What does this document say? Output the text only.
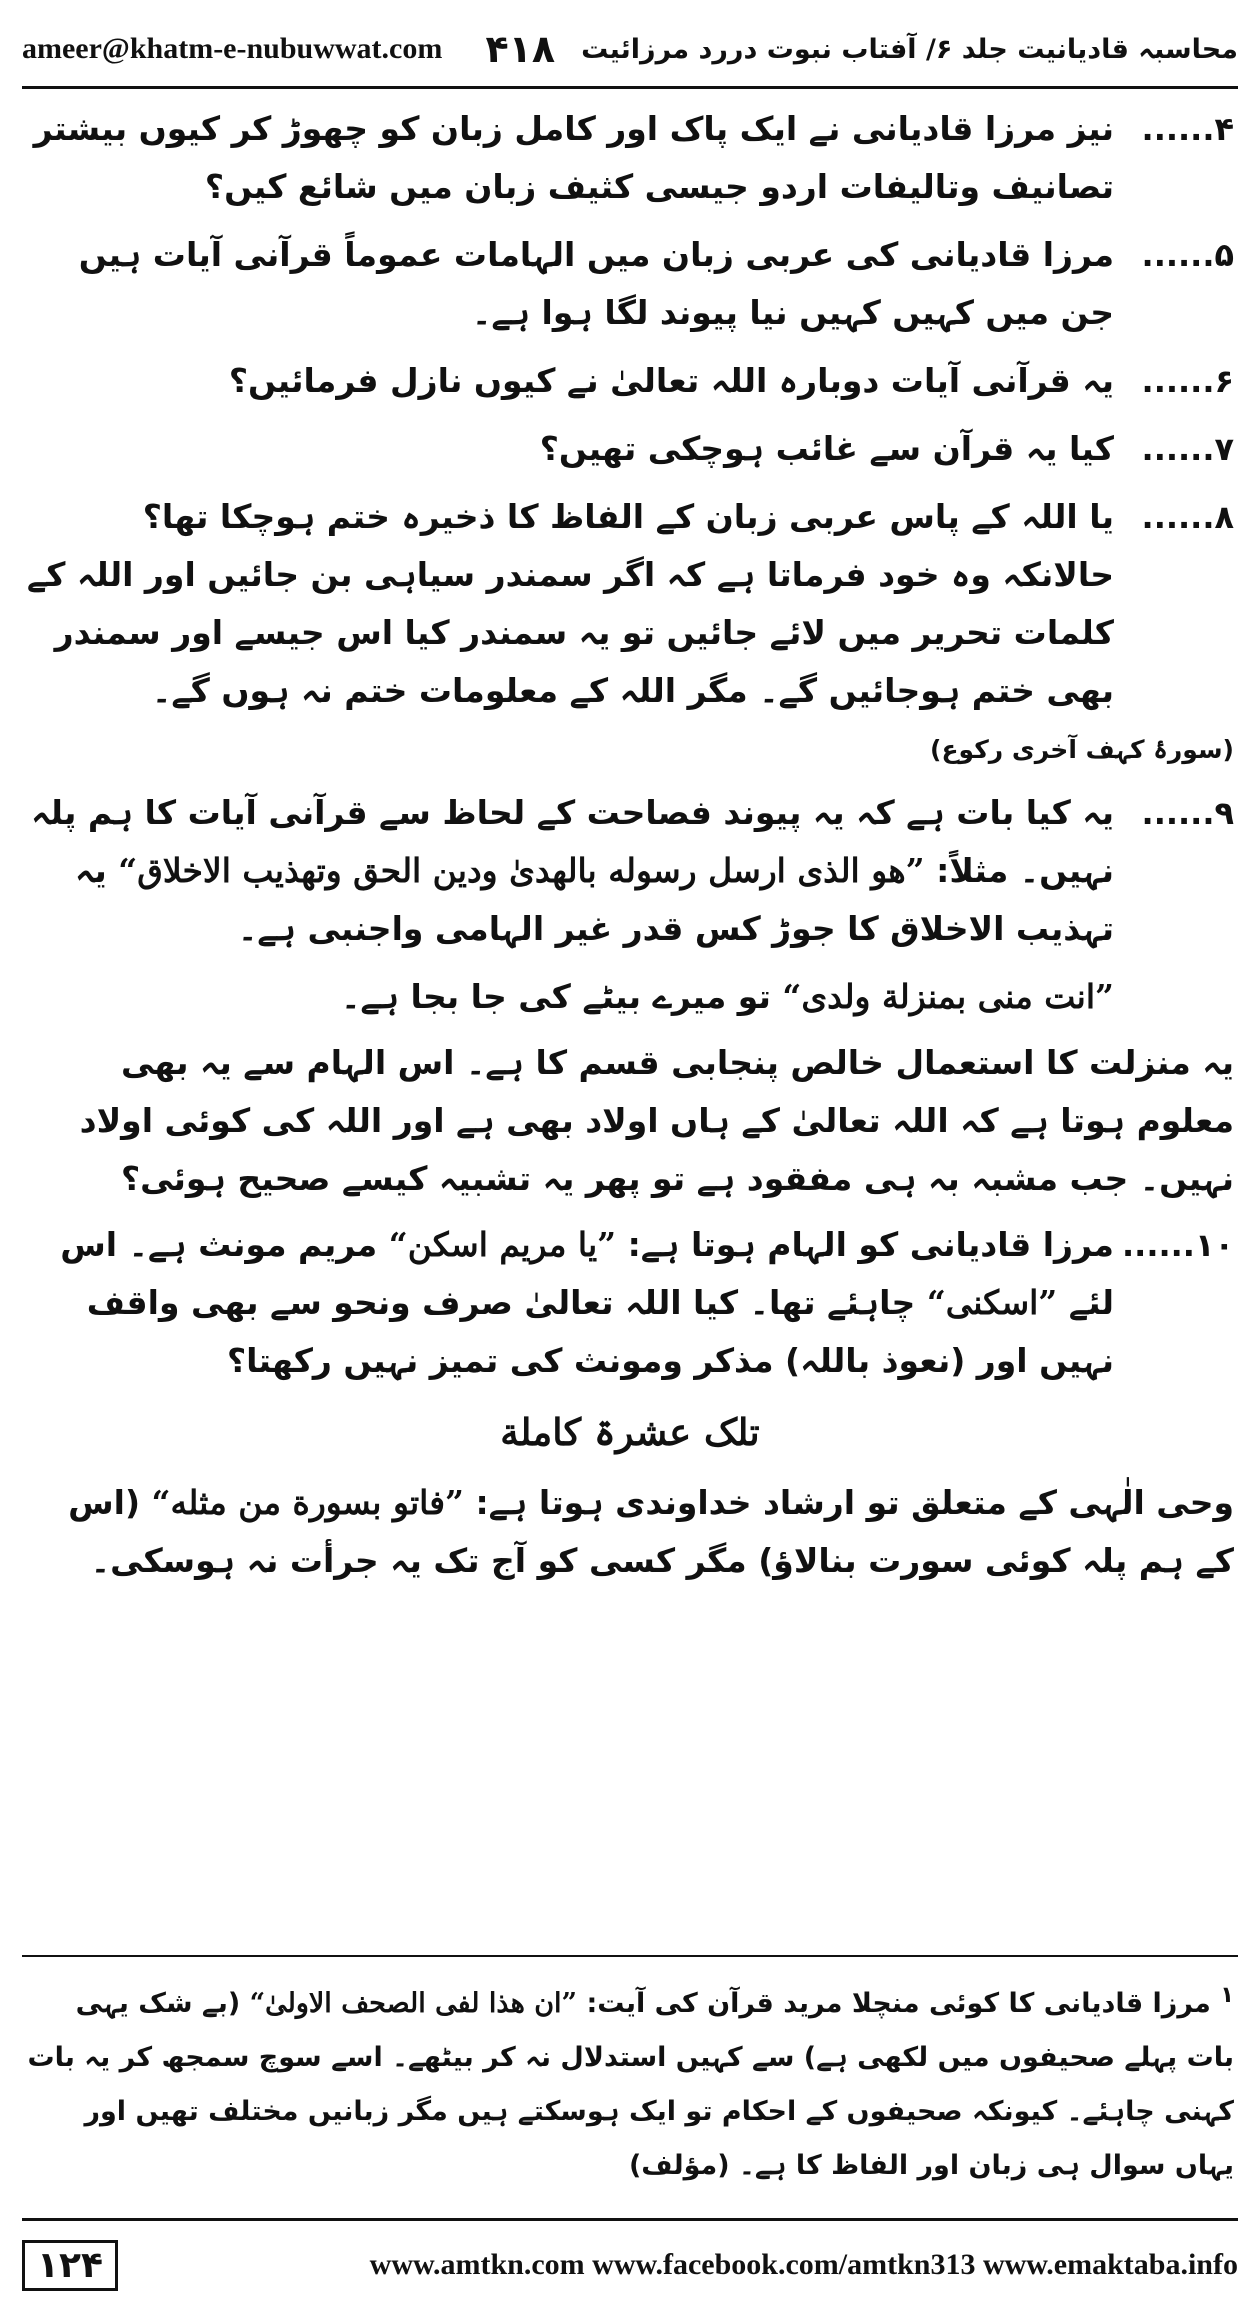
ameer@khatm-e-nubuwwat.com	محاسبہ قادیانیت جلد ۶/ آفتاب نبوت دررد مرزائیت
۴۱۸
۴......
نیز مرزا قادیانی نے ایک پاک اور کامل زبان کو چھوڑ کر کیوں بیشتر تصانیف وتالیفات اردو جیسی کثیف زبان میں شائع کیں؟
۵......
مرزا قادیانی کی عربی زبان میں الہامات عموماً قرآنی آیات ہیں جن میں کہیں کہیں نیا پیوند لگا ہوا ہے۔
۶......
یہ قرآنی آیات دوبارہ اللہ تعالیٰ نے کیوں نازل فرمائیں؟
۷......
کیا یہ قرآن سے غائب ہوچکی تھیں؟
۸......
یا اللہ کے پاس عربی زبان کے الفاظ کا ذخیرہ ختم ہوچکا تھا؟ حالانکہ وہ خود فرماتا ہے کہ اگر سمندر سیاہی بن جائیں اور اللہ کے کلمات تحریر میں لائے جائیں تو یہ سمندر کیا اس جیسے اور سمندر بھی ختم ہوجائیں گے۔ مگر اللہ کے معلومات ختم نہ ہوں گے۔

(سورۂ کہف آخری رکوع)

۹......
یہ کیا بات ہے کہ یہ پیوند فصاحت کے لحاظ سے قرآنی آیات کا ہم پلہ نہیں۔ مثلاً: ”ھو الذی ارسل رسوله بالهدیٰ ودین الحق وتهذیب الاخلاق“ یہ تہذیب الاخلاق کا جوڑ کس قدر غیر الہامی واجنبی ہے۔

”انت منی بمنزلة ولدی“ تو میرے بیٹے کی جا بجا ہے۔

یہ منزلت کا استعمال خالص پنجابی قسم کا ہے۔ اس الہام سے یہ بھی معلوم ہوتا ہے کہ اللہ تعالیٰ کے ہاں اولاد بھی ہے اور اللہ کی کوئی اولاد نہیں۔ جب مشبہ بہ ہی مفقود ہے تو پھر یہ تشبیہ کیسے صحیح ہوئی؟

۱۰......
مرزا قادیانی کو الہام ہوتا ہے: ”یا مریم اسکن“ مریم مونث ہے۔ اس لئے ”اسکنی“ چاہئے تھا۔ کیا اللہ تعالیٰ صرف ونحو سے بھی واقف نہیں اور (نعوذ باللہ) مذکر ومونث کی تمیز نہیں رکھتا؟
تلک عشرۃ کاملة

وحی الٰہی کے متعلق تو ارشاد خداوندی ہوتا ہے: ”فاتو بسورة من مثله“ (اس کے ہم پلہ کوئی سورت بنالاؤ) مگر کسی کو آج تک یہ جرأت نہ ہوسکی۔

$^۱$ مرزا قادیانی کا کوئی منچلا مرید قرآن کی آیت: ”ان هذا لفی الصحف الاولیٰ“ (بے شک یہی بات پہلے صحیفوں میں لکھی ہے) سے کہیں استدلال نہ کر بیٹھے۔ اسے سوچ سمجھ کر یہ بات کہنی چاہئے۔ کیونکہ صحیفوں کے احکام تو ایک ہوسکتے ہیں مگر زبانیں مختلف تھیں اور یہاں سوال ہی زبان اور الفاظ کا ہے۔ (مؤلف)
۱۲۴	www.amtkn.com www.facebook.com/amtkn313 www.emaktaba.info
